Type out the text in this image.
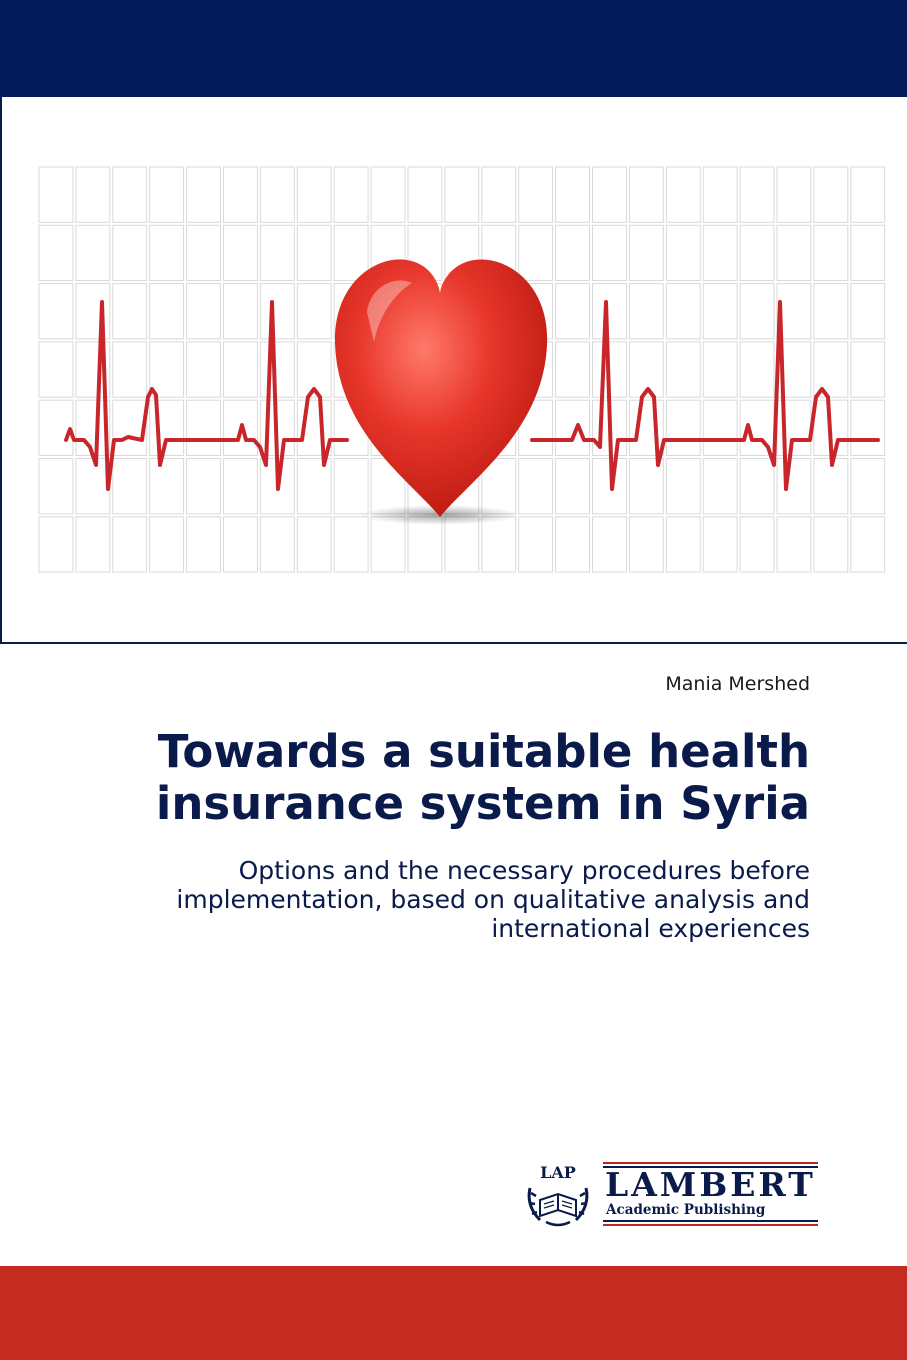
Mania Mershed
Towards a suitable health insurance system in Syria
Options and the necessary procedures before implementation, based on qualitative analysis and international experiences
LAP LAMBERT
Academic Publishing
